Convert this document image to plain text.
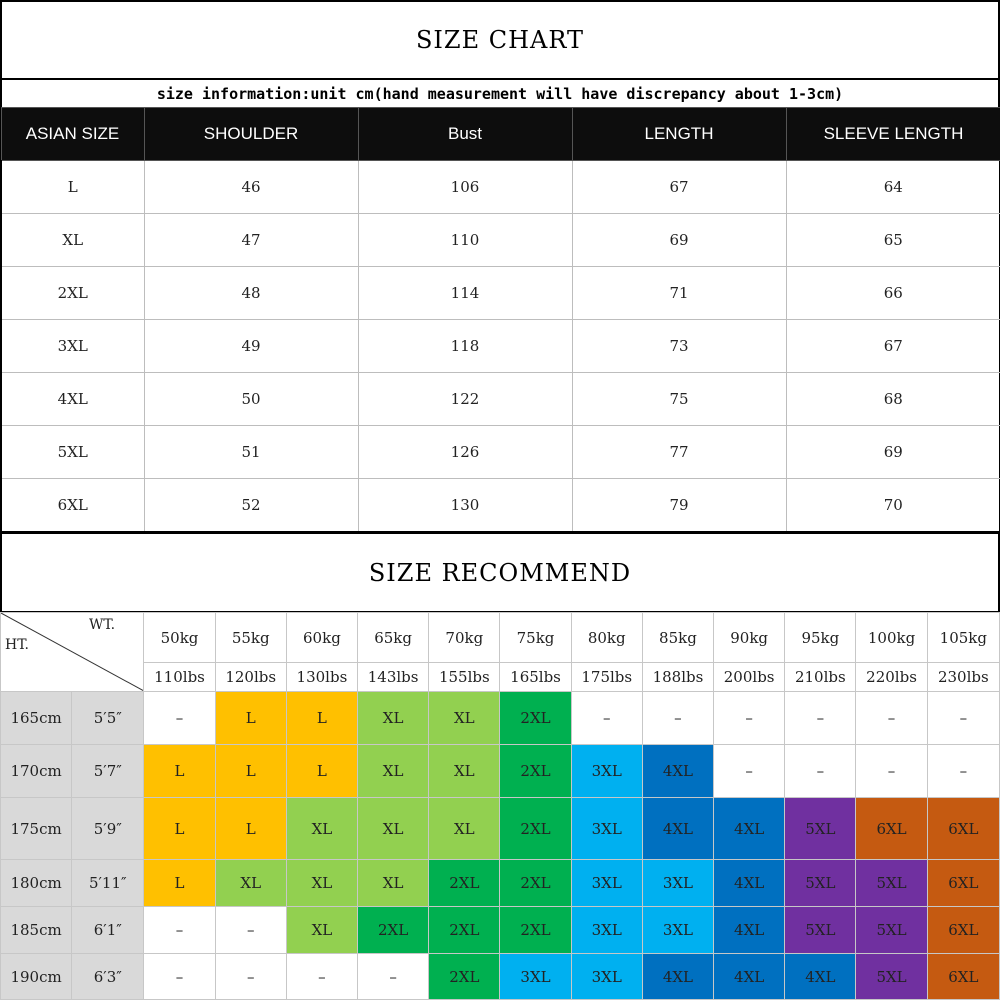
SIZE CHART
size information:unit cm(hand measurement will have discrepancy about 1-3cm)
ASIAN SIZE	SHOULDER	Bust	LENGTH	SLEEVE LENGTH
L	46	106	67	64
XL	47	110	69	65
2XL	48	114	71	66
3XL	49	118	73	67
4XL	50	122	75	68
5XL	51	126	77	69
6XL	52	130	79	70
SIZE RECOMMEND
HT.
WT.		50kg	55kg	60kg	65kg	70kg	75kg	80kg	85kg	90kg	95kg	100kg	105kg
		110lbs	120lbs	130lbs	143lbs	155lbs	165lbs	175lbs	188lbs	200lbs	210lbs	220lbs	230lbs
165cm	5′5″	–	L	L	XL	XL	2XL	–	–	–	–	–	–
170cm	5′7″	L	L	L	XL	XL	2XL	3XL	4XL	–	–	–	–
175cm	5′9″	L	L	XL	XL	XL	2XL	3XL	4XL	4XL	5XL	6XL	6XL
180cm	5′11″	L	XL	XL	XL	2XL	2XL	3XL	3XL	4XL	5XL	5XL	6XL
185cm	6′1″	–	–	XL	2XL	2XL	2XL	3XL	3XL	4XL	5XL	5XL	6XL
190cm	6′3″	–	–	–	–	2XL	3XL	3XL	4XL	4XL	4XL	5XL	6XL
